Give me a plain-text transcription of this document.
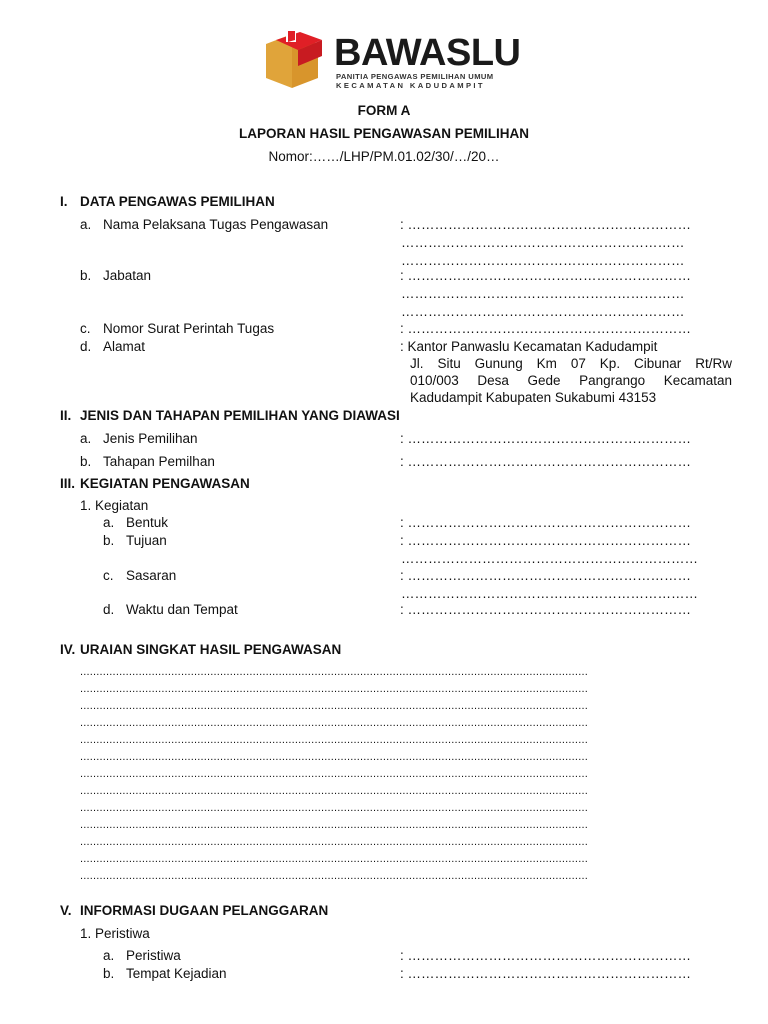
BAWASLU
PANITIA PENGAWAS PEMILIHAN UMUM
KECAMATAN KADUDAMPIT
FORM A
LAPORAN HASIL PENGAWASAN PEMILIHAN
Nomor:……/LHP/PM.01.02/30/…/20…
I. DATA PENGAWAS PEMILIHAN
a. Nama Pelaksana Tugas Pengawasan	: ………………………………………………………
………………………………………………………
………………………………………………………
b. Jabatan	: ………………………………………………………
………………………………………………………
………………………………………………………
c. Nomor Surat Perintah Tugas	: ………………………………………………………
d. Alamat	: Kantor Panwaslu Kecamatan Kadudampit
Jl. Situ Gunung Km 07 Kp. Cibunar Rt/Rw
010/003 Desa Gede Pangrango Kecamatan
Kadudampit Kabupaten Sukabumi 43153
II. JENIS DAN TAHAPAN PEMILIHAN YANG DIAWASI
a. Jenis Pemilihan	: ………………………………………………………
b. Tahapan Pemilhan	: ………………………………………………………
III. KEGIATAN PENGAWASAN
1. Kegiatan
a. Bentuk	: ………………………………………………………
b. Tujuan	: ………………………………………………………
…………………………………………………………
c. Sasaran	: ………………………………………………………
…………………………………………………………
d. Waktu dan Tempat	: ………………………………………………………
IV. URAIAN SINGKAT HASIL PENGAWASAN
............................................................................................................................................................
............................................................................................................................................................
............................................................................................................................................................
............................................................................................................................................................
............................................................................................................................................................
............................................................................................................................................................
............................................................................................................................................................
............................................................................................................................................................
............................................................................................................................................................
............................................................................................................................................................
............................................................................................................................................................
............................................................................................................................................................
............................................................................................................................................................
V. INFORMASI DUGAAN PELANGGARAN
1. Peristiwa
a. Peristiwa	: ………………………………………………………
b. Tempat Kejadian	: ………………………………………………………
